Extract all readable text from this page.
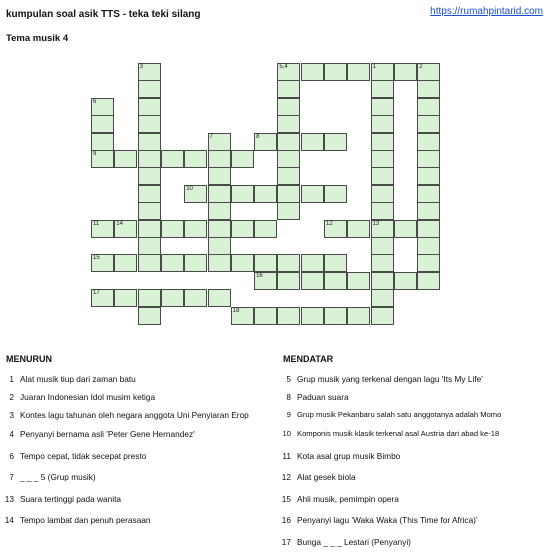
kumpulan soal asik TTS - teka teki silang	https://rumahpintarid.com
Tema musik 4
3	5,4	1	2
9
8
10
11	14	12	13
15
16
17
18
6
7
MENURUN	MENDATAR
1 Alat musik tiup dari zaman batu
2 Juaran Indonesian Idol musim ketiga
3 Kontes lagu tahunan oleh negara anggota Uni Penyiaran Erop
4 Penyanyi bernama asli 'Peter Gene Hernandez'
6 Tempo cepat, tidak secepat presto
7 _ _ _ 5 (Grup musik)
13 Suara tertinggi pada wanita
14 Tempo lambat dan penuh perasaan
5 Grup musik yang terkenal dengan lagu 'Its My Life'
8 Paduan suara
9 Grup musik Pekanbaru salah satu anggotanya adalah Momo
10 Komponis musik klasik terkenal asal Austria dari abad ke-18
11 Kota asal grup musik Bimbo
12 Alat gesek biola
15 Ahli musik, pemimpin opera
16 Penyanyi lagu 'Waka Waka (This Time for Africa)'
17 Bunga _ _ _ Lestari (Penyanyi)
